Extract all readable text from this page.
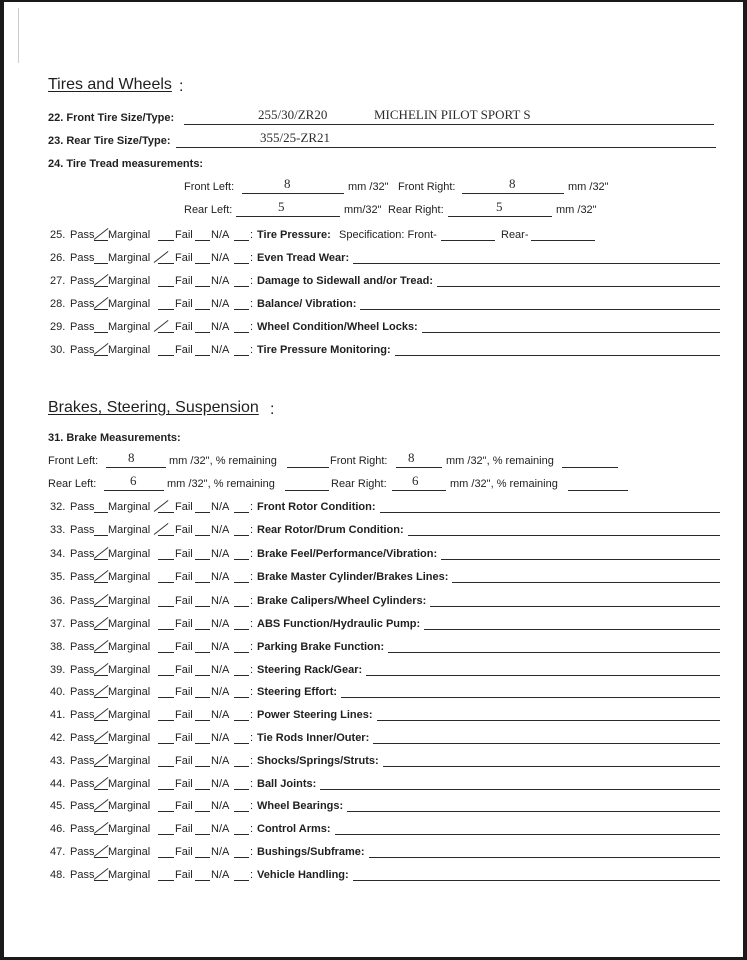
Tires and Wheels :
22. Front Tire Size/Type:	255/30/ZR20	MICHELIN PILOT SPORT S
23. Rear Tire Size/Type:	355/25-ZR21
24. Tire Tread measurements:
Front Left:	8	mm /32" Front Right:	8	mm /32"
Rear Left:	5	mm/32" Rear Right:	5	mm /32"
Brakes, Steering, Suspension :
31. Brake Measurements:
Front Left: 8	mm /32", % remaining	Front Right: 8	mm /32", % remaining
Rear Left:	6	mm /32", % remaining	Rear Right: 6	mm /32", % remaining
25. Pass Marginal Fail N/A : Tire Pressure: Specification: Front-	Rear-
26. Pass Marginal Fail N/A : Even Tread Wear:
27. Pass Marginal Fail N/A : Damage to Sidewall and/or Tread:
28. Pass Marginal Fail N/A : Balance/ Vibration:
29. Pass Marginal Fail N/A : Wheel Condition/Wheel Locks:
30. Pass Marginal Fail N/A : Tire Pressure Monitoring:
32. Pass Marginal Fail N/A : Front Rotor Condition:
33. Pass Marginal Fail N/A : Rear Rotor/Drum Condition:
34. Pass Marginal Fail N/A : Brake Feel/Performance/Vibration:
35. Pass Marginal Fail N/A : Brake Master Cylinder/Brakes Lines:
36. Pass Marginal Fail N/A : Brake Calipers/Wheel Cylinders:
37. Pass Marginal Fail N/A : ABS Function/Hydraulic Pump:
38. Pass Marginal Fail N/A : Parking Brake Function:
39. Pass Marginal Fail N/A : Steering Rack/Gear:
40. Pass Marginal Fail N/A : Steering Effort:
41. Pass Marginal Fail N/A : Power Steering Lines:
42. Pass Marginal Fail N/A : Tie Rods Inner/Outer:
43. Pass Marginal Fail N/A : Shocks/Springs/Struts:
44. Pass Marginal Fail N/A : Ball Joints:
45. Pass Marginal Fail N/A : Wheel Bearings:
46. Pass Marginal Fail N/A : Control Arms:
47. Pass Marginal Fail N/A : Bushings/Subframe:
48. Pass Marginal Fail N/A : Vehicle Handling:
